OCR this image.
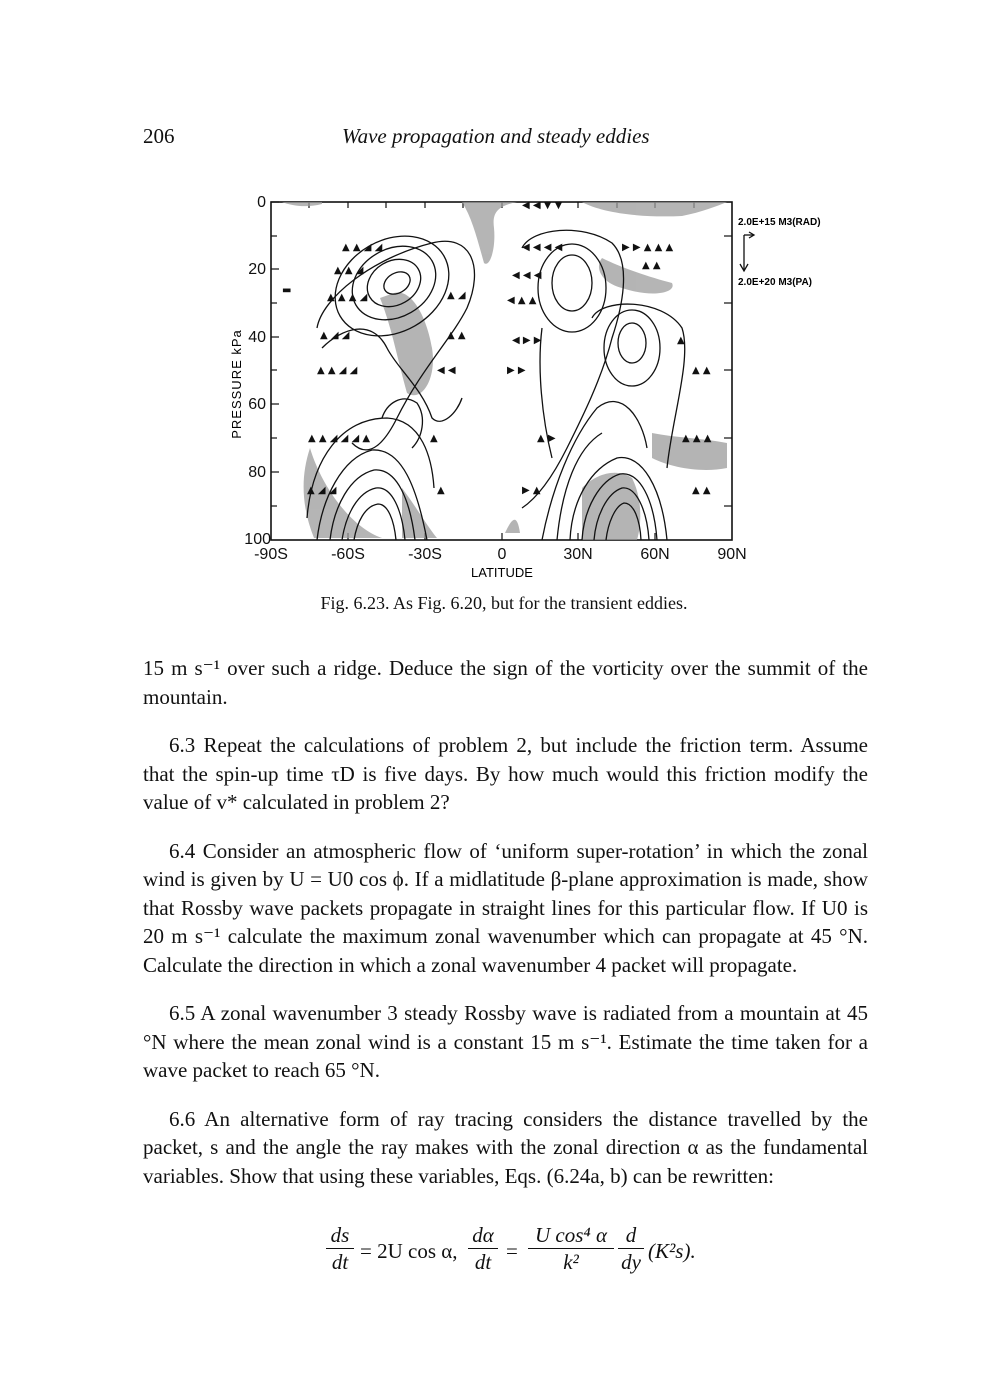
206	Wave propagation and steady eddies
▲ ▲ ◢ ◢
▲ ▲ ◢
▲ ▲ ▲ ◢
▲ ◢ ◢
▲ ▲ ◢ ◢
▲ ▲ ◢ ◢ ◢ ▲
▲ ◢ ◢
▲ ◢
▲ ▲
◀ ◀
▲
▲
◀ ◀ ◀ ◀
◀ ◀ ◀
◀ ▲ ▲
◀ ▶ ▶
▶ ▶
▲ ▶
▶ ▲
▶ ▶ ▲ ▲ ▲
▲ ▲
▲
▲ ▲
▲ ▲ ▲
▲ ▲
◀ ◀ ▼ ▼
▬
0
20
40
60
80
100
-90S	-60S	-30S	0	30N	60N	90N
LATITUDE
PRESSURE kPa
2.0E+15 M3(RAD)
2.0E+20 M3(PA)
Fig. 6.23. As Fig. 6.20, but for the transient eddies.

15 m s⁻¹ over such a ridge. Deduce the sign of the vorticity over the summit of the mountain.

6.3 Repeat the calculations of problem 2, but include the friction term. Assume that the spin-up time τD is five days. By how much would this friction modify the value of v* calculated in problem 2?

6.4 Consider an atmospheric flow of ‘uniform super-rotation’ in which the zonal wind is given by U = U0 cos ϕ. If a midlatitude β-plane approximation is made, show that Rossby wave packets propagate in straight lines for this particular flow. If U0 is 20 m s⁻¹ calculate the maximum zonal wavenumber which can propagate at 45 °N. Calculate the direction in which a zonal wavenumber 4 packet will propagate.

6.5 A zonal wavenumber 3 steady Rossby wave is radiated from a mountain at 45 °N where the mean zonal wind is a constant 15 m s⁻¹. Estimate the time taken for a wave packet to reach 65 °N.

6.6 An alternative form of ray tracing considers the distance travelled by the packet, s and the angle the ray makes with the zonal direction α as the fundamental variables. Show that using these variables, Eqs. (6.24a, b) can be rewritten:

$\frac{ds}{dt} = 2U$ cos α, $\frac{d\alpha}{dt} = \frac{\text{U cos⁴ α}}{\text{k²}} \frac{d}{dy} (K^2s)$.
